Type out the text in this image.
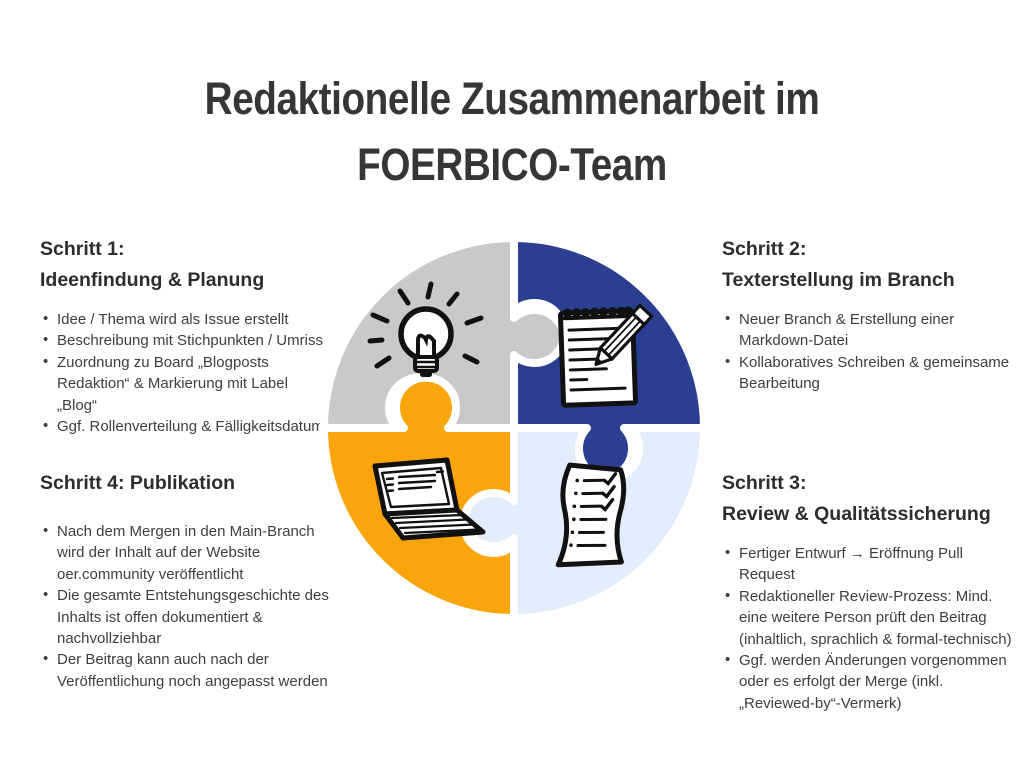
Redaktionelle Zusammenarbeit im
FOERBICO-Team
Schritt 1:
Ideenfindung & Planung
• Idee / Thema wird als Issue erstellt
• Beschreibung mit Stichpunkten / Umriss
• Zuordnung zu Board „Blogposts Redaktion“ & Markierung mit Label „Blog“
• Ggf. Rollenverteilung & Fälligkeitsdatum
Schritt 2:
Texterstellung im Branch
• Neuer Branch & Erstellung einer Markdown-Datei
• Kollaboratives Schreiben & gemeinsame Bearbeitung
Schritt 3:
Review & Qualitätssicherung
• Fertiger Entwurf → Eröffnung Pull Request
• Redaktioneller Review-Prozess: Mind. eine weitere Person prüft den Beitrag (inhaltlich, sprachlich & formal-technisch)
• Ggf. werden Änderungen vorgenommen oder es erfolgt der Merge (inkl. „Reviewed-by“-Vermerk)
Schritt 4: Publikation
• Nach dem Mergen in den Main-Branch wird der Inhalt auf der Website oer.community veröffentlicht
• Die gesamte Entstehungsgeschichte des Inhalts ist offen dokumentiert & nachvollziehbar
• Der Beitrag kann auch nach der Veröffentlichung noch angepasst werden
